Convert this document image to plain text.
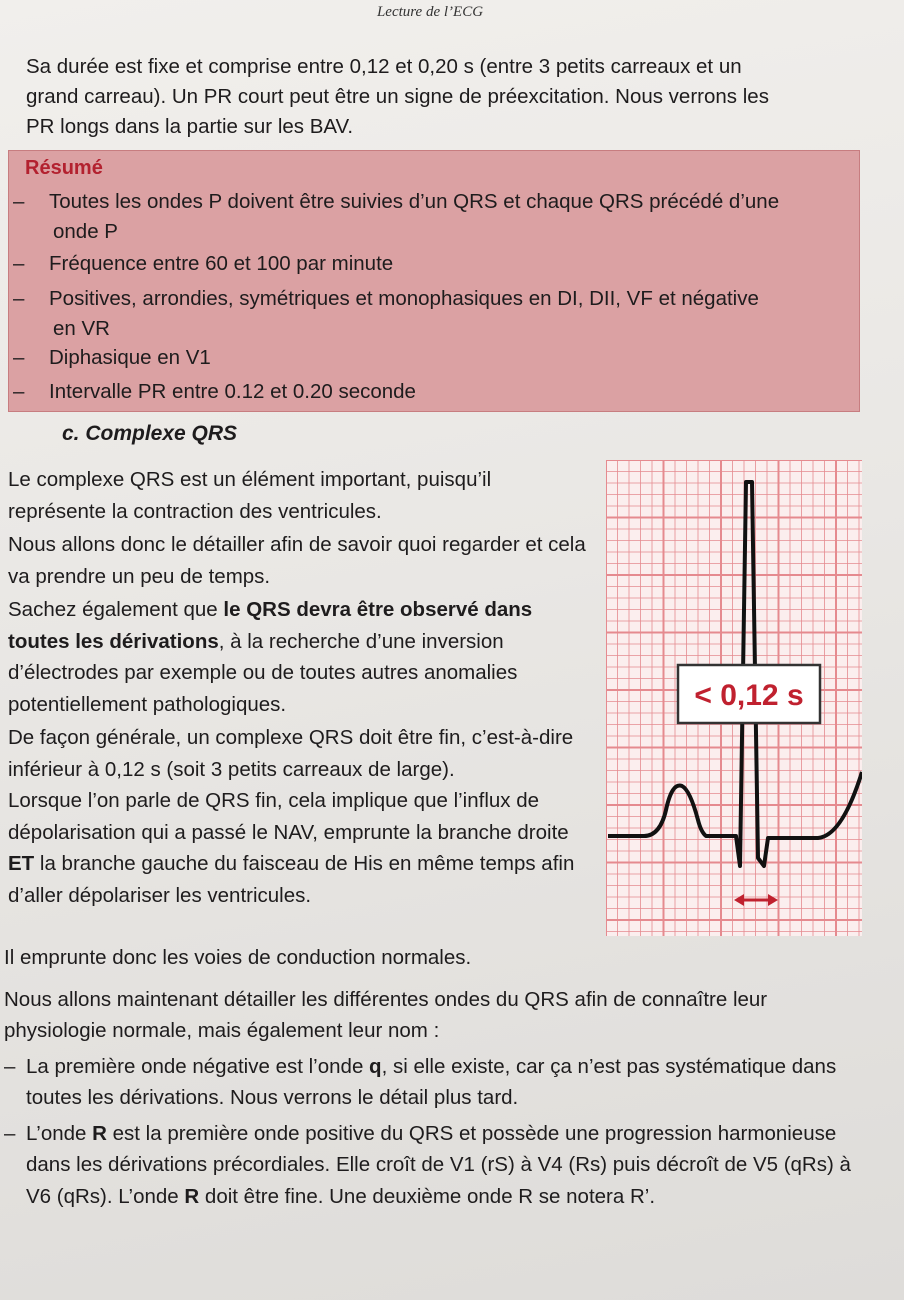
Lecture de l’ECG

Sa durée est fixe et comprise entre 0,12 et 0,20 s (entre 3 petits carreaux et un

grand carreau). Un PR court peut être un signe de préexcitation. Nous verrons les

PR longs dans la partie sur les BAV.

Résumé
– Toutes les ondes P doivent être suivies d’un QRS et chaque QRS précédé d’une
onde P
– Fréquence entre 60 et 100 par minute
– Positives, arrondies, symétriques et monophasiques en DI, DII, VF et négative
en VR
– Diphasique en V1
– Intervalle PR entre 0.12 et 0.20 seconde
c. Complexe QRS

Le complexe QRS est un élément important, puisqu’il représente la contraction des ventricules.

Nous allons donc le détailler afin de savoir quoi regarder et cela va prendre un peu de temps.

Sachez également que le QRS devra être observé dans toutes les dérivations, à la recherche d’une inversion d’électrodes par exemple ou de toutes autres anomalies potentiellement pathologiques.

De façon générale, un complexe QRS doit être fin, c’est-à-dire inférieur à 0,12 s (soit 3 petits carreaux de large).

Lorsque l’on parle de QRS fin, cela implique que l’influx de dépolarisation qui a passé le NAV, emprunte la branche droite ET la branche gauche du faisceau de His en même temps afin d’aller dépolariser les ventricules.

Il emprunte donc les voies de conduction normales.

Nous allons maintenant détailler les différentes ondes du QRS afin de connaître leur physiologie normale, mais également leur nom :

– La première onde négative est l’onde q, si elle existe, car ça n’est pas systématique dans toutes les dérivations. Nous verrons le détail plus tard.

– L’onde R est la première onde positive du QRS et possède une progression harmonieuse dans les dérivations précordiales. Elle croît de V1 (rS) à V4 (Rs) puis décroît de V5 (qRs) à V6 (qRs). L’onde R doit être fine. Une deuxième onde R se notera R’.

< 0,12 s
